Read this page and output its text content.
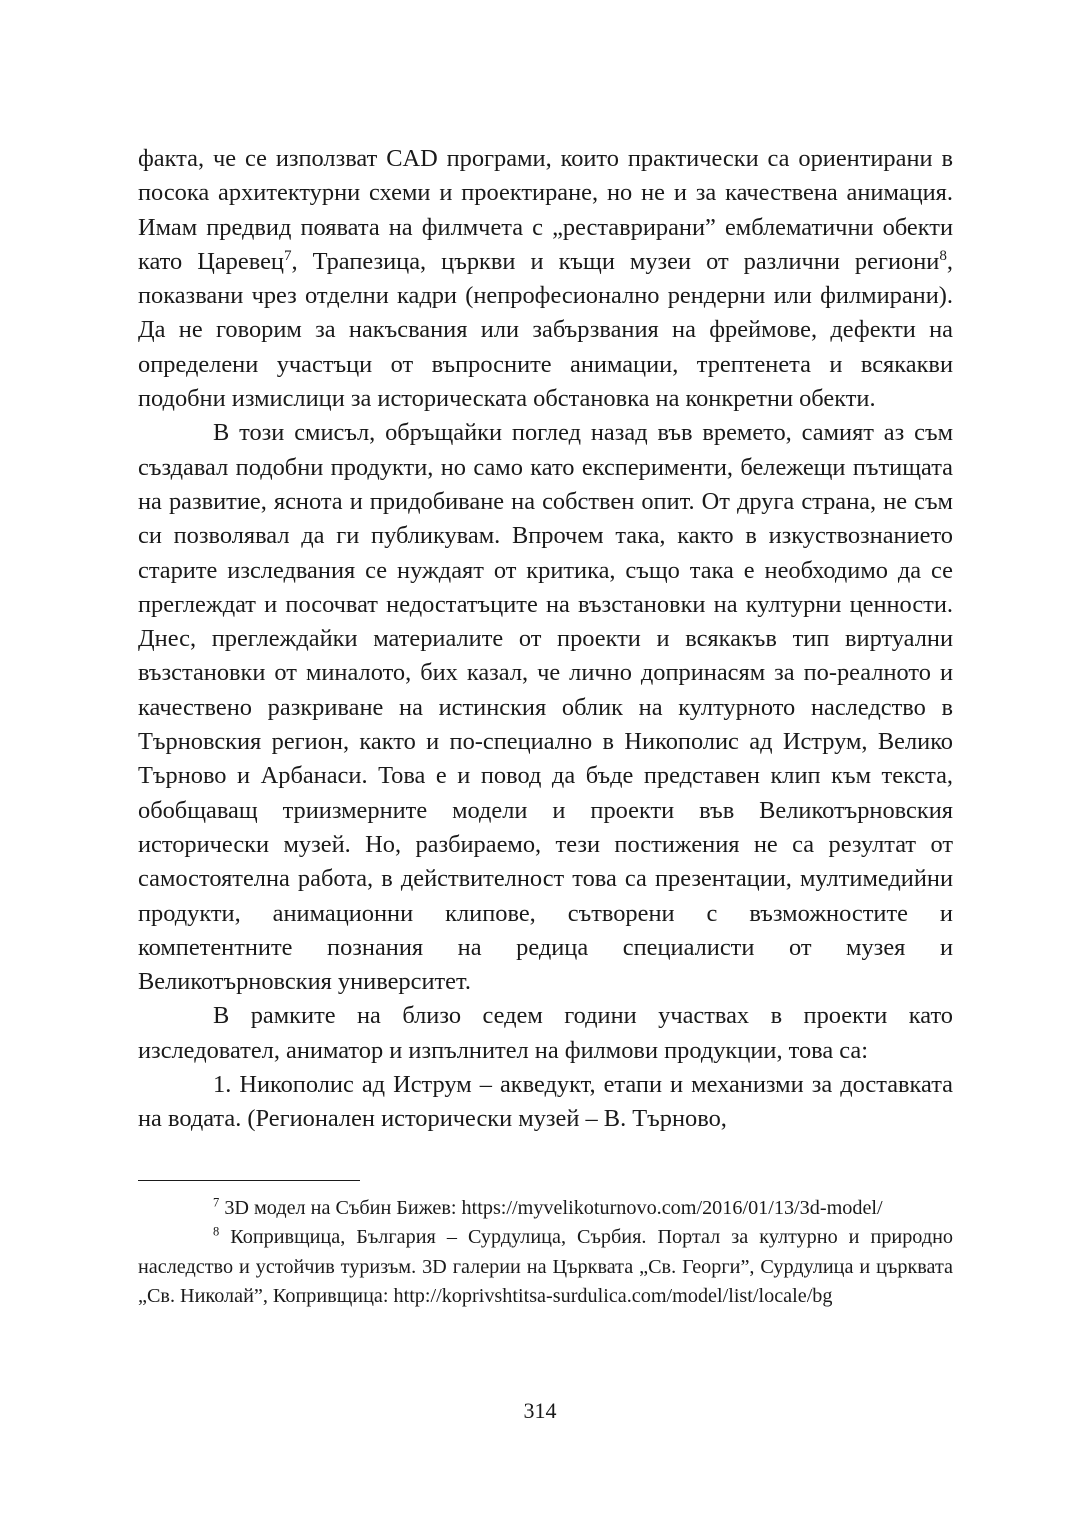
факта, че се използват CAD програми, които практически са ориентирани в посока архитектурни схеми и проектиране, но не и за качествена анимация. Имам предвид появата на филмчета с „реставрирани” емблематични обекти като Царевец$^7$, Трапезица, църкви и къщи музеи от различни региони$^8$, показвани чрез отделни кадри (непрофесионално рендерни или филмирани). Да не говорим за накъсвания или забързвания на фреймове, дефекти на определени участъци от въпросните анимации, трептенета и всякакви подобни измислици за историческата обстановка на конкретни обекти.

В този смисъл, обръщайки поглед назад във времето, самият аз съм създавал подобни продукти, но само като експерименти, бележещи пътищата на развитие, яснота и придобиване на собствен опит. От друга страна, не съм си позволявал да ги публикувам. Впрочем така, както в изкуствознанието старите изследвания се нуждаят от критика, също така е необходимо да се преглеждат и посочват недостатъците на възстановки на културни ценности. Днес, преглеждайки материалите от проекти и всякакъв тип виртуални възстановки от миналото, бих казал, че лично допринасям за по-реалното и качествено разкриване на истинския облик на културното наследство в Търновския регион, както и по-специално в Никополис ад Иструм, Велико Търново и Арбанаси. Това е и повод да бъде представен клип към текста, обобщаващ триизмерните модели и проекти във Великотърновския исторически музей. Но, разбираемо, тези постижения не са резултат от самостоятелна работа, в действителност това са презентации, мултимедийни продукти, анимационни клипове, сътворени с възможностите и компетентните познания на редица специалисти от музея и Великотърновския университет.

В рамките на близо седем години участвах в проекти като изследовател, аниматор и изпълнител на филмови продукции, това са:

1. Никополис ад Иструм – акведукт, етапи и механизми за доставката на водата. (Регионален исторически музей – В. Търново,

$^7$ 3D модел на Събин Бижев: https://myvelikoturnovo.com/2016/01/13/3d-model/

$^8$ Копривщица, България – Сурдулица, Сърбия. Портал за културно и природно наследство и устойчив туризъм. 3D галерии на Църквата „Св. Георги”, Сурдулица и църквата „Св. Николай”, Копривщица: http://koprivshtitsa-surdulica.com/model/list/locale/bg

314
